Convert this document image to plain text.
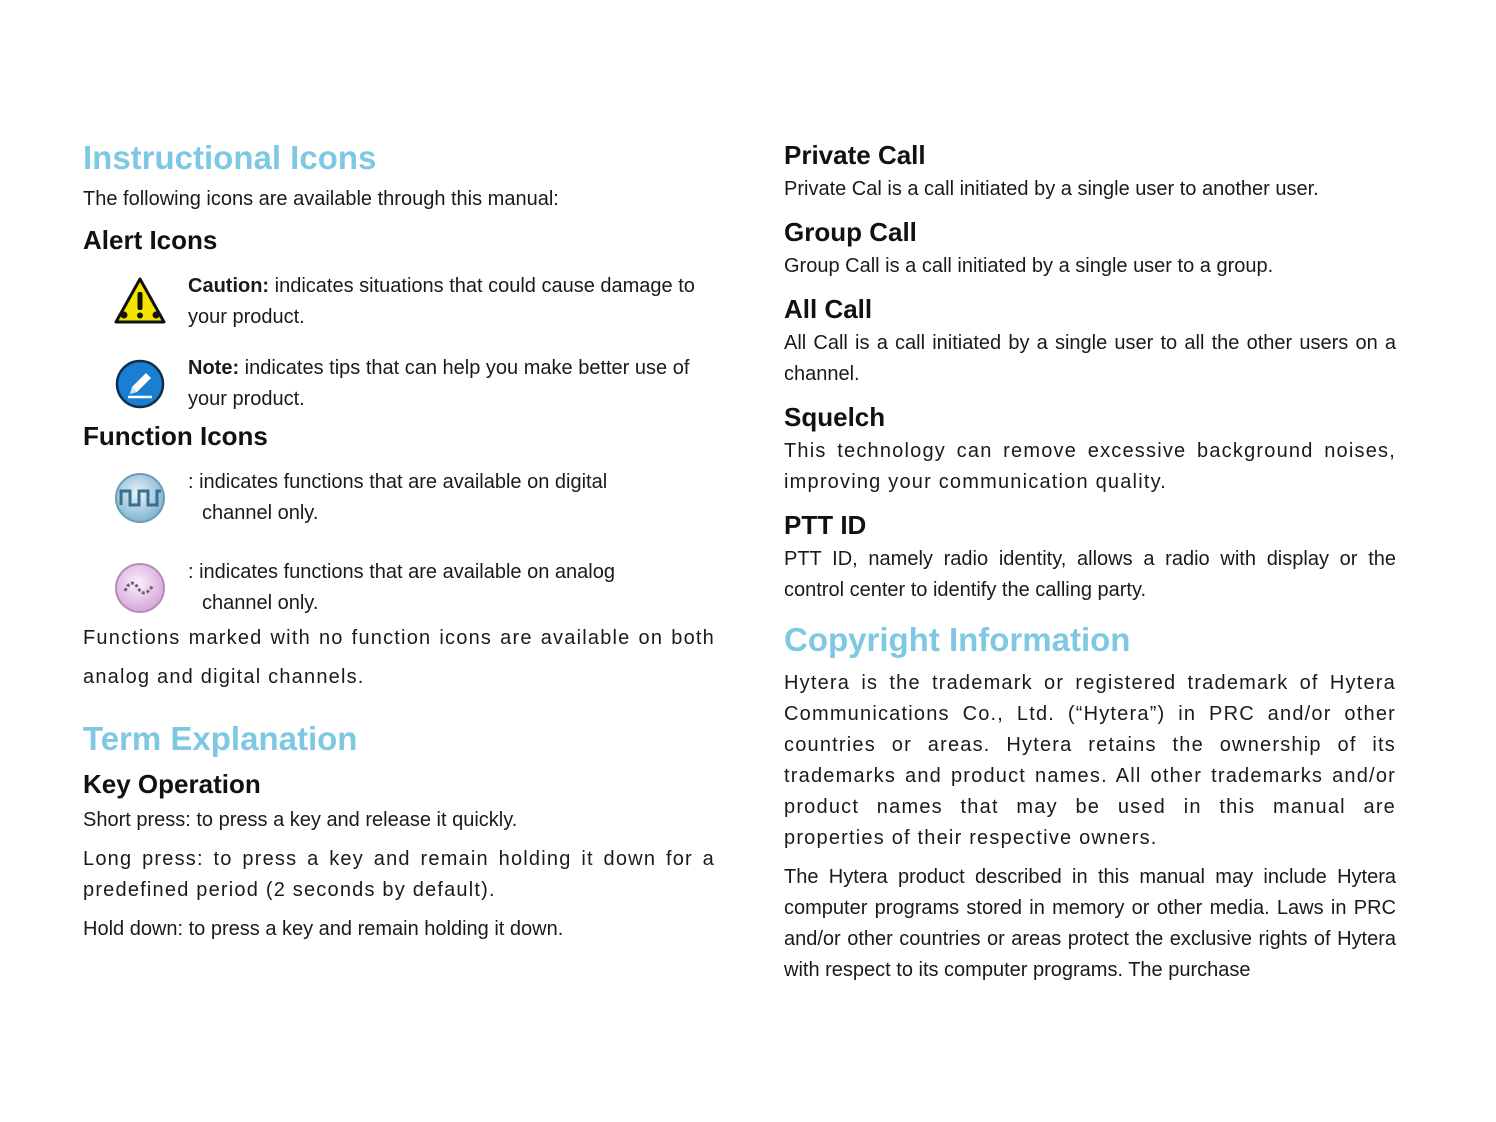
Instructional Icons

The following icons are available through this manual:

Alert Icons

Caution: indicates situations that could cause damage to your product.

Note: indicates tips that can help you make better use of your product.

Function Icons

: indicates functions that are available on digital channel only.

: indicates functions that are available on analog channel only.

Functions marked with no function icons are available on both analog and digital channels.

Term Explanation
Key Operation

Short press: to press a key and release it quickly.

Long press: to press a key and remain holding it down for a predefined period (2 seconds by default).

Hold down: to press a key and remain holding it down.

Private Call

Private Cal is a call initiated by a single user to another user.

Group Call

Group Call is a call initiated by a single user to a group.

All Call

All Call is a call initiated by a single user to all the other users on a channel.

Squelch

This technology can remove excessive background noises, improving your communication quality.

PTT ID

PTT ID, namely radio identity, allows a radio with display or the control center to identify the calling party.

Copyright Information

Hytera is the trademark or registered trademark of Hytera Communications Co., Ltd. (“Hytera”) in PRC and/or other countries or areas. Hytera retains the ownership of its trademarks and product names. All other trademarks and/or product names that may be used in this manual are properties of their respective owners.

The Hytera product described in this manual may include Hytera computer programs stored in memory or other media. Laws in PRC and/or other countries or areas protect the exclusive rights of Hytera with respect to its computer programs. The purchase
